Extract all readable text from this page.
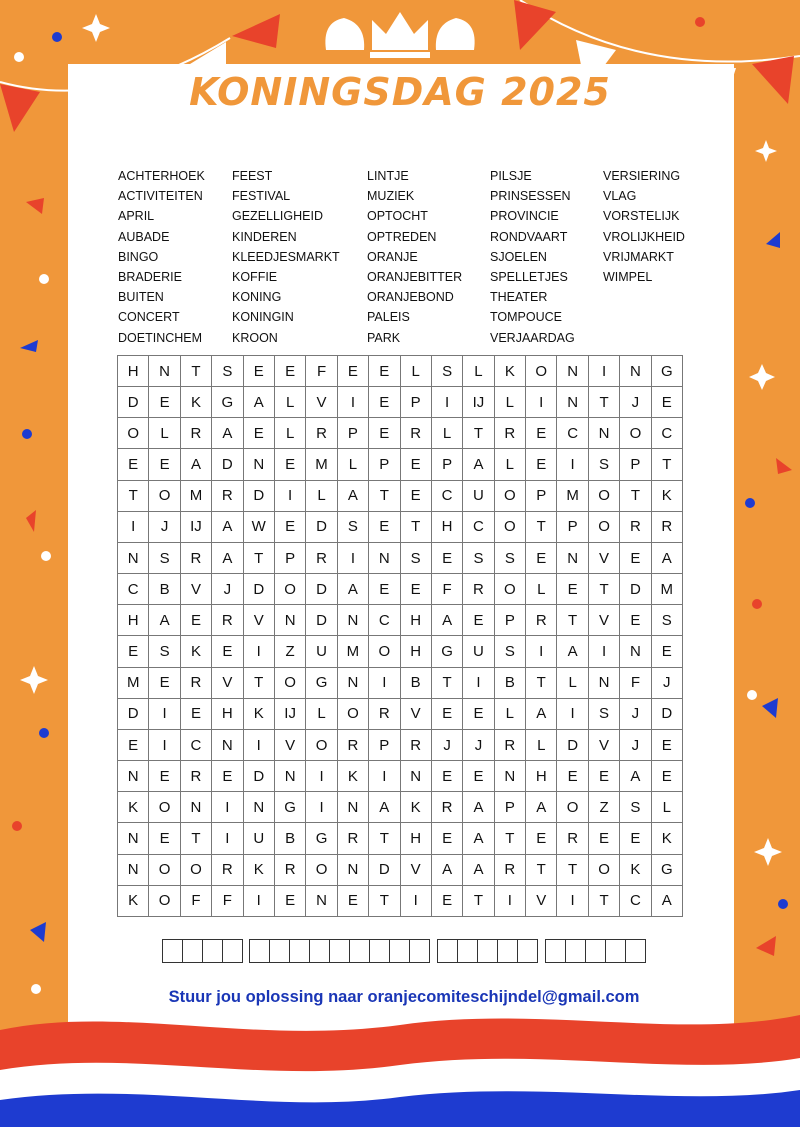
KONINGSDAG 2025
ACHTERHOEK
ACTIVITEITEN
APRIL
AUBADE
BINGO
BRADERIE
BUITEN
CONCERT
DOETINCHEM
FEEST
FESTIVAL
GEZELLIGHEID
KINDEREN
KLEEDJESMARKT
KOFFIE
KONING
KONINGIN
KROON
LINTJE
MUZIEK
OPTOCHT
OPTREDEN
ORANJE
ORANJEBITTER
ORANJEBOND
PALEIS
PARK
PILSJE
PRINSESSEN
PROVINCIE
RONDVAART
SJOELEN
SPELLETJES
THEATER
TOMPOUCE
VERJAARDAG
VERSIERING
VLAG
VORSTELIJK
VROLIJKHEID
VRIJMARKT
WIMPEL
H	N	T	S	E	E	F	E	E	L	S	L	K	O	N	I	N	G
D	E	K	G	A	L	V	I	E	P	I	IJ	L	I	N	T	J	E
O	L	R	A	E	L	R	P	E	R	L	T	R	E	C	N	O	C
E	E	A	D	N	E	M	L	P	E	P	A	L	E	I	S	P	T
T	O	M	R	D	I	L	A	T	E	C	U	O	P	M	O	T	K
I	J	IJ	A	W	E	D	S	E	T	H	C	O	T	P	O	R	R
N	S	R	A	T	P	R	I	N	S	E	S	S	E	N	V	E	A
C	B	V	J	D	O	D	A	E	E	F	R	O	L	E	T	D	M
H	A	E	R	V	N	D	N	C	H	A	E	P	R	T	V	E	S
E	S	K	E	I	Z	U	M	O	H	G	U	S	I	A	I	N	E
M	E	R	V	T	O	G	N	I	B	T	I	B	T	L	N	F	J
D	I	E	H	K	IJ	L	O	R	V	E	E	L	A	I	S	J	D
E	I	C	N	I	V	O	R	P	R	J	J	R	L	D	V	J	E
N	E	R	E	D	N	I	K	I	N	E	E	N	H	E	E	A	E
K	O	N	I	N	G	I	N	A	K	R	A	P	A	O	Z	S	L
N	E	T	I	U	B	G	R	T	H	E	A	T	E	R	E	E	K
N	O	O	R	K	R	O	N	D	V	A	A	R	T	T	O	K	G
K	O	F	F	I	E	N	E	T	I	E	T	I	V	I	T	C	A

Stuur jou oplossing naar oranjecomiteschijndel@gmail.com
